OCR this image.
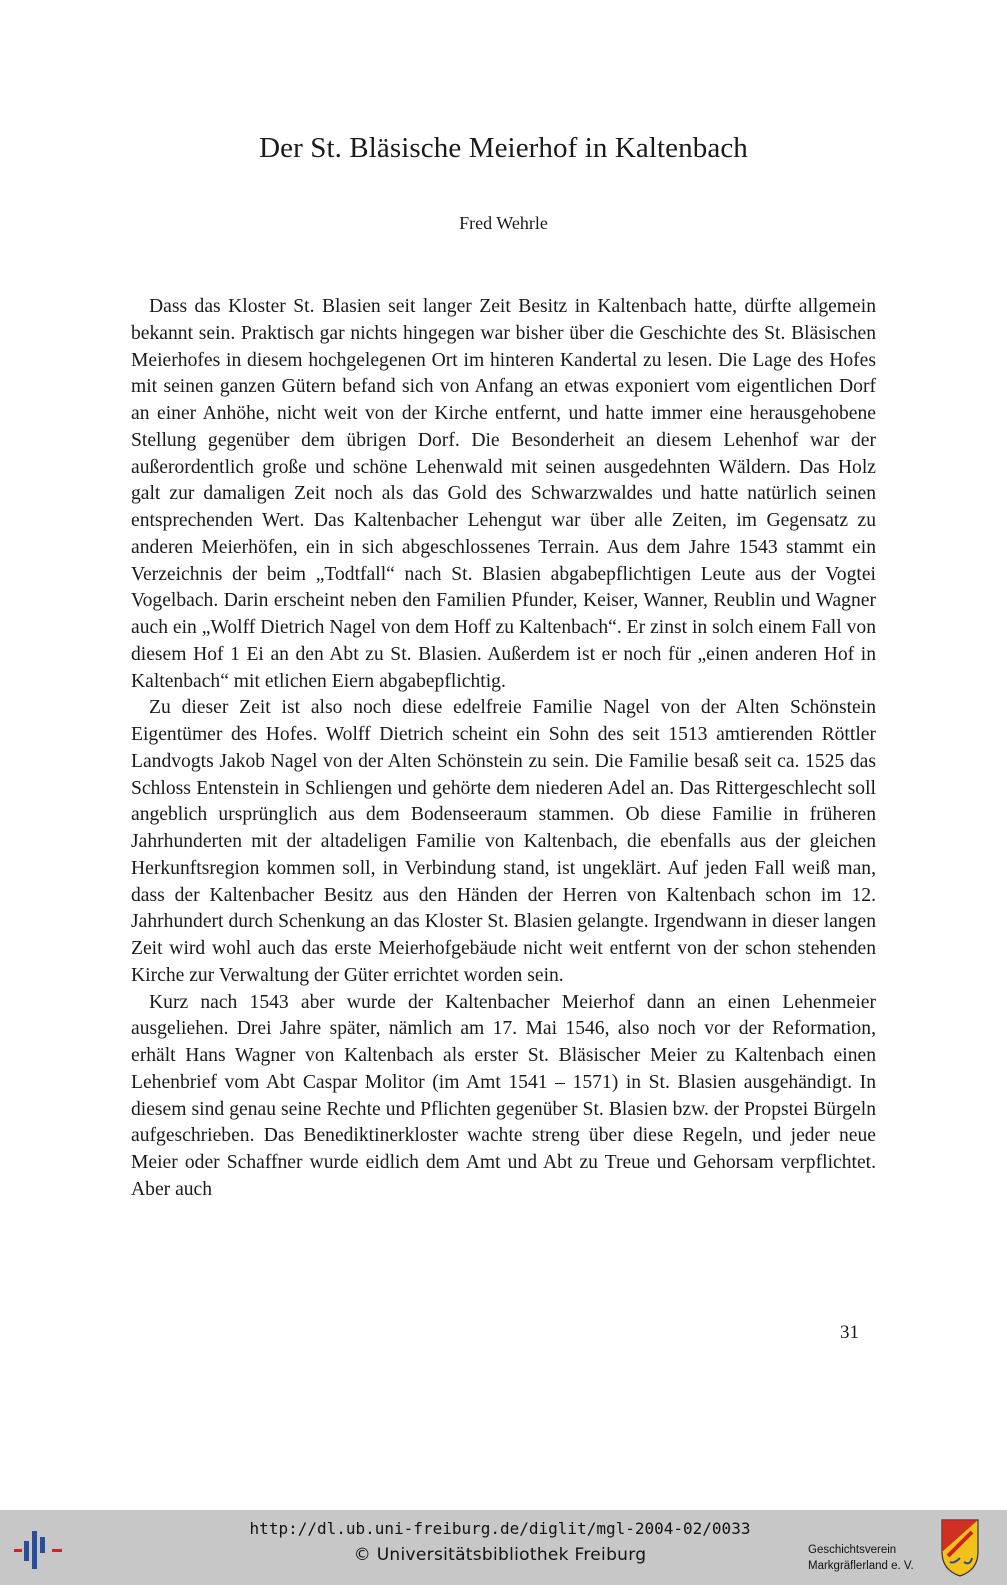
Der St. Bläsische Meierhof in Kaltenbach
Fred Wehrle

Dass das Kloster St. Blasien seit langer Zeit Besitz in Kaltenbach hatte, dürfte allgemein bekannt sein. Praktisch gar nichts hingegen war bisher über die Geschichte des St. Bläsischen Meierhofes in diesem hochgelegenen Ort im hinteren Kandertal zu lesen. Die Lage des Hofes mit seinen ganzen Gütern befand sich von Anfang an etwas exponiert vom eigentlichen Dorf an einer Anhöhe, nicht weit von der Kirche entfernt, und hatte immer eine herausgehobene Stellung gegenüber dem übrigen Dorf. Die Besonderheit an diesem Lehenhof war der außerordentlich große und schöne Lehenwald mit seinen ausgedehnten Wäldern. Das Holz galt zur damaligen Zeit noch als das Gold des Schwarzwaldes und hatte natürlich seinen entsprechenden Wert. Das Kaltenbacher Lehengut war über alle Zeiten, im Gegensatz zu anderen Meierhöfen, ein in sich abgeschlossenes Terrain. Aus dem Jahre 1543 stammt ein Verzeichnis der beim „Todtfall“ nach St. Blasien abgabepflichtigen Leute aus der Vogtei Vogelbach. Darin erscheint neben den Familien Pfunder, Keiser, Wanner, Reublin und Wagner auch ein „Wolff Dietrich Nagel von dem Hoff zu Kaltenbach“. Er zinst in solch einem Fall von diesem Hof 1 Ei an den Abt zu St. Blasien. Außerdem ist er noch für „einen anderen Hof in Kaltenbach“ mit etlichen Eiern abgabepflichtig.

Zu dieser Zeit ist also noch diese edelfreie Familie Nagel von der Alten Schönstein Eigentümer des Hofes. Wolff Dietrich scheint ein Sohn des seit 1513 amtierenden Röttler Landvogts Jakob Nagel von der Alten Schönstein zu sein. Die Familie besaß seit ca. 1525 das Schloss Entenstein in Schliengen und gehörte dem niederen Adel an. Das Rittergeschlecht soll angeblich ursprünglich aus dem Bodenseeraum stammen. Ob diese Familie in früheren Jahrhunderten mit der altadeligen Familie von Kaltenbach, die ebenfalls aus der gleichen Herkunftsregion kommen soll, in Verbindung stand, ist ungeklärt. Auf jeden Fall weiß man, dass der Kaltenbacher Besitz aus den Händen der Herren von Kaltenbach schon im 12. Jahrhundert durch Schenkung an das Kloster St. Blasien gelangte. Irgendwann in dieser langen Zeit wird wohl auch das erste Meierhofgebäude nicht weit entfernt von der schon stehenden Kirche zur Verwaltung der Güter errichtet worden sein.

Kurz nach 1543 aber wurde der Kaltenbacher Meierhof dann an einen Lehenmeier ausgeliehen. Drei Jahre später, nämlich am 17. Mai 1546, also noch vor der Reformation, erhält Hans Wagner von Kaltenbach als erster St. Bläsischer Meier zu Kaltenbach einen Lehenbrief vom Abt Caspar Molitor (im Amt 1541 – 1571) in St. Blasien ausgehändigt. In diesem sind genau seine Rechte und Pflichten gegenüber St. Blasien bzw. der Propstei Bürgeln aufgeschrieben. Das Benediktinerkloster wachte streng über diese Regeln, und jeder neue Meier oder Schaffner wurde eidlich dem Amt und Abt zu Treue und Gehorsam verpflichtet. Aber auch

31
http://dl.ub.uni-freiburg.de/diglit/mgl-2004-02/0033
© Universitätsbibliothek Freiburg	Geschichtsverein
Markgräflerland e. V.
